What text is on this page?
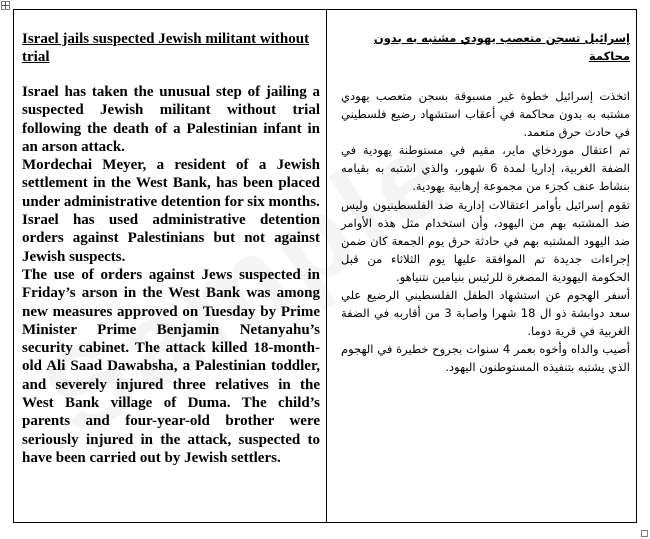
Israel jails suspected Jewish militant without trial

Israel has taken the unusual step of jailing a suspected Jewish militant without trial following the death of a Palestinian infant in an arson attack.

Mordechai Meyer, a resident of a Jewish settlement in the West Bank, has been placed under administrative detention for six months.

Israel has used administrative detention orders against Palestinians but not against Jewish suspects.

The use of orders against Jews suspected in Friday’s arson in the West Bank was among new measures approved on Tuesday by Prime Minister Prime Benjamin Netanyahu’s security cabinet. The attack killed 18-month-old Ali Saad Dawabsha, a Palestinian toddler, and severely injured three relatives in the West Bank village of Duma. The child’s parents and four-year-old brother were seriously injured in the attack, suspected to have been carried out by Jewish settlers.

إسرائيل تسجن متعصب يهودي مشتبه به بدون محاكمة

اتخذت إسرائيل خطوة غير مسبوقة بسجن متعصب يهودي مشتبه به بدون محاكمة في أعقاب استشهاد رضيع فلسطيني في حادث حرق متعمد.

تم اعتقال موردخاي ماير، مقيم في مستوطنة يهودية في الضفة الغربية، إداريا لمدة 6 شهور، والذي اشتبه به بقيامه بنشاط عنف كجزء من مجموعة إرهابية يهودية.

تقوم إسرائيل بأوامر اعتقالات إدارية ضد الفلسطينيون وليس ضد المشتبه بهم من اليهود، وأن استخدام مثل هذه الأوامر ضد اليهود المشتبه بهم في حادثة حرق يوم الجمعة كان ضمن إجراءات جديدة تم الموافقة عليها يوم الثلاثاء من قبل الحكومة اليهودية المصغرة للرئيس بنيامين نتنياهو.

أسفر الهجوم عن استشهاد الطفل الفلسطيني الرضيع علي سعد دوابشة ذو ال 18 شهرا واصابة 3 من أقاربه في الضفة الغربية في قرية دوما.

أصيب والداه وأخوه بعمر 4 سنوات بجروح خطيرة في الهجوم الذي يشتبه بتنفيذه المستوطنون اليهود.
